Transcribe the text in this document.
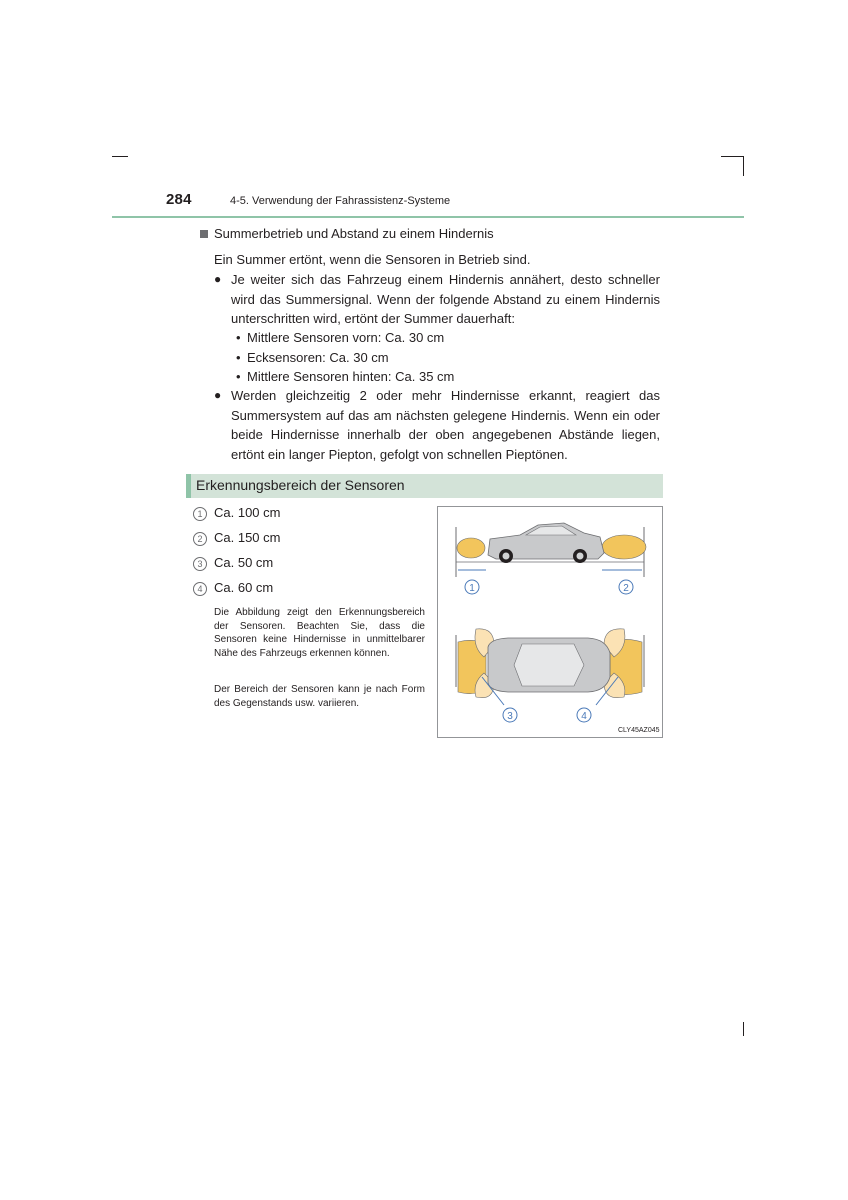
284	4-5. Verwendung der Fahrassistenz-Systeme
Summerbetrieb und Abstand zu einem Hindernis
Ein Summer ertönt, wenn die Sensoren in Betrieb sind.
● Je weiter sich das Fahrzeug einem Hindernis annähert, desto schneller wird das Summersignal. Wenn der folgende Abstand zu einem Hindernis unterschritten wird, ertönt der Summer dauerhaft:
• Mittlere Sensoren vorn: Ca. 30 cm
• Ecksensoren: Ca. 30 cm
• Mittlere Sensoren hinten: Ca. 35 cm
● Werden gleichzeitig 2 oder mehr Hindernisse erkannt, reagiert das Summersystem auf das am nächsten gelegene Hindernis. Wenn ein oder beide Hindernisse innerhalb der oben angegebenen Abstände liegen, ertönt ein langer Piepton, gefolgt von schnellen Pieptönen.
Erkennungsbereich der Sensoren
1 Ca. 100 cm
2 Ca. 150 cm
3 Ca. 50 cm
4 Ca. 60 cm
Die Abbildung zeigt den Erkennungsbereich der Sensoren. Beachten Sie, dass die Sensoren keine Hindernisse in unmittelbarer Nähe des Fahrzeugs erkennen können.
Der Bereich der Sensoren kann je nach Form des Gegenstands usw. variieren.
1	2
3	4
CLY45AZ045
